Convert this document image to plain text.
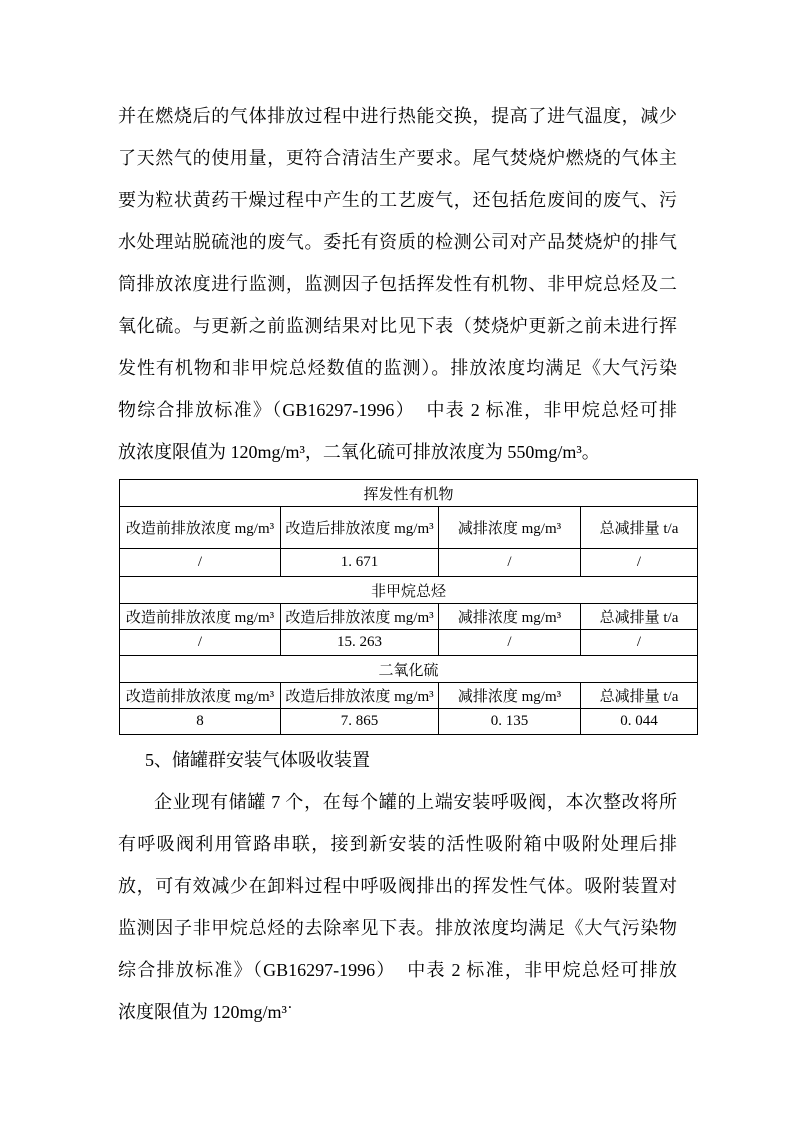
并在燃烧后的气体排放过程中进行热能交换，提高了进气温度，减少
了天然气的使用量，更符合清洁生产要求。尾气焚烧炉燃烧的气体主
要为粒状黄药干燥过程中产生的工艺废气，还包括危废间的废气、污
水处理站脱硫池的废气。委托有资质的检测公司对产品焚烧炉的排气
筒排放浓度进行监测，监测因子包括挥发性有机物、非甲烷总烃及二
氧化硫。与更新之前监测结果对比见下表（焚烧炉更新之前未进行挥
发性有机物和非甲烷总烃数值的监测）。排放浓度均满足《大气污染
物综合排放标准》（GB16297-1996）  中表 2 标准，非甲烷总烃可排
放浓度限值为 120mg/m³，二氧化硫可排放浓度为 550mg/m³。
挥发性有机物			
改造前排放浓度 mg/m³	改造后排放浓度 mg/m³	减排浓度 mg/m³	总减排量 t/a
/	1. 671	/	/
非甲烷总烃			
改造前排放浓度 mg/m³	改造后排放浓度 mg/m³	减排浓度 mg/m³	总减排量 t/a
/	15. 263	/	/
二氧化硫			
改造前排放浓度 mg/m³	改造后排放浓度 mg/m³	减排浓度 mg/m³	总减排量 t/a
8	7. 865	0. 135	0. 044
5、储罐群安装气体吸收装置
企业现有储罐 7 个，在每个罐的上端安装呼吸阀，本次整改将所
有呼吸阀利用管路串联，接到新安装的活性吸附箱中吸附处理后排
放，可有效减少在卸料过程中呼吸阀排出的挥发性气体。吸附装置对
监测因子非甲烷总烃的去除率见下表。排放浓度均满足《大气污染物
综合排放标准》（GB16297-1996）  中表 2 标准，非甲烷总烃可排放
浓度限值为 120mg/m³˙
